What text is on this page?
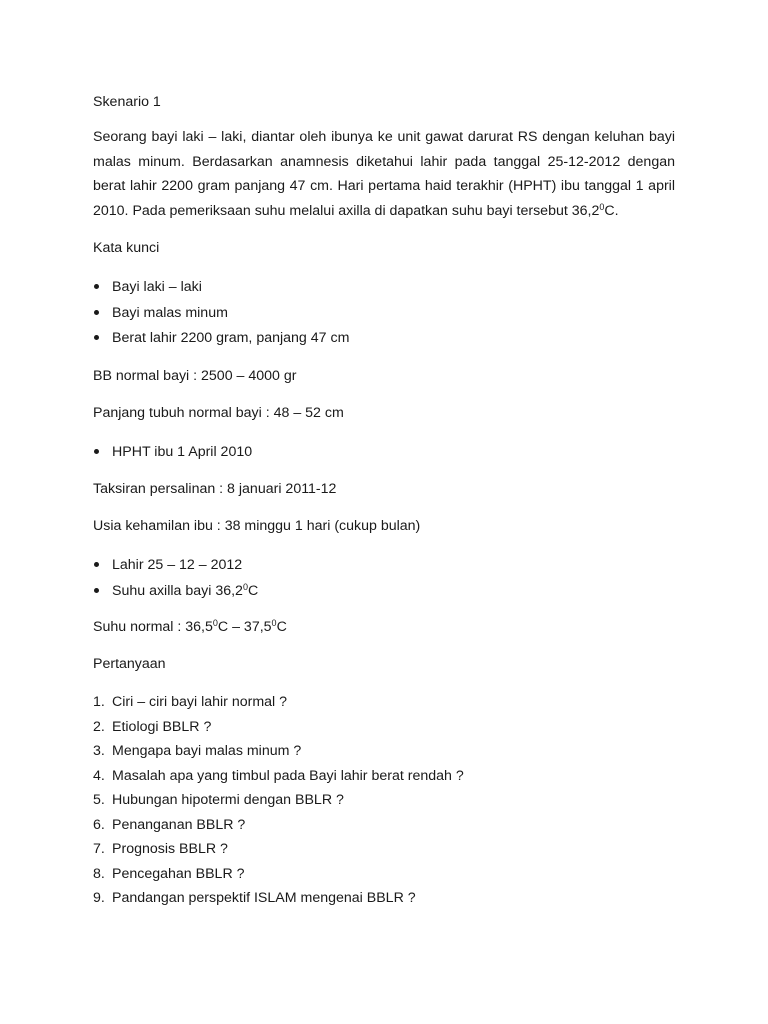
Skenario 1

Seorang bayi laki – laki, diantar oleh ibunya ke unit gawat darurat RS dengan keluhan bayi malas minum. Berdasarkan anamnesis diketahui lahir pada tanggal 25-12-2012 dengan berat lahir 2200 gram panjang 47 cm. Hari pertama haid terakhir (HPHT) ibu tanggal 1 april 2010. Pada pemeriksaan suhu melalui axilla di dapatkan suhu bayi tersebut 36,2$^0$C.

Kata kunci
Bayi laki – laki
Bayi malas minum
Berat lahir 2200 gram, panjang 47 cm
BB normal bayi : 2500 – 4000 gr
Panjang tubuh normal bayi : 48 – 52 cm
HPHT ibu 1 April 2010
Taksiran persalinan : 8 januari 2011-12
Usia kehamilan ibu : 38 minggu 1 hari (cukup bulan)
Lahir 25 – 12 – 2012
Suhu axilla bayi 36,2$^0$C
Suhu normal : 36,5$^0$C – 37,5$^0$C
Pertanyaan
1. Ciri – ciri bayi lahir normal ?
2. Etiologi BBLR ?
3. Mengapa bayi malas minum ?
4. Masalah apa yang timbul pada Bayi lahir berat rendah ?
5. Hubungan hipotermi dengan BBLR ?
6. Penanganan BBLR ?
7. Prognosis BBLR ?
8. Pencegahan BBLR ?
9. Pandangan perspektif ISLAM mengenai BBLR ?
